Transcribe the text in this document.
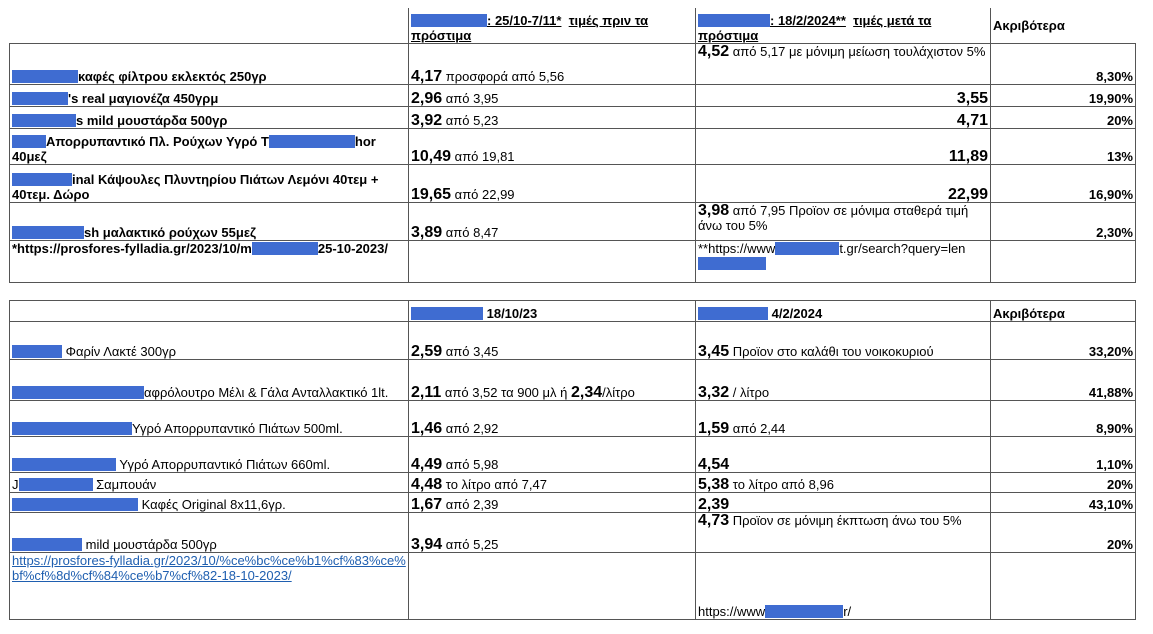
	: 25/10-7/11* τιμές πριν τα πρόστιμα	: 18/2/2024** τιμές μετά τα πρόστιμα	Ακριβότερα
καφές φίλτρου εκλεκτός 250γρ	4,17 προσφορά από 5,56	4,52 από 5,17 με μόνιμη μείωση τουλάχιστον 5%	8,30%
's real μαγιονέζα 450γρμ	2,96 από 3,95	3,55	19,90%
s mild μουστάρδα 500γρ	3,92 από 5,23	4,71	20%
Απορρυπαντικό Πλ. Ρούχων Υγρό T hor 40μεζ	10,49 από 19,81	11,89	13%
inal Κάψουλες Πλυντηρίου Πιάτων Λεμόνι 40τεμ + 40τεμ. Δώρο	19,65 από 22,99	22,99	16,90%
sh μαλακτικό ρούχων 55μεζ	3,89 από 8,47	3,98 από 7,95 Προϊον σε μόνιμα σταθερά τιμή άνω του 5%	2,30%
*https://prosfores-fylladia.gr/2023/10/m 25-10-2023/		**https://www t.gr/search?query=len

	18/10/23	4/2/2024	Ακριβότερα
Φαρίν Λακτέ 300γρ	2,59 από 3,45	3,45 Προϊον στο καλάθι του νοικοκυριού	33,20%
αφρόλουτρο Μέλι & Γάλα Ανταλλακτικό 1lt.	2,11 από 3,52 τα 900 μλ ή 2,34/λίτρο	3,32 / λίτρο	41,88%
Υγρό Απορρυπαντικό Πιάτων 500ml.	1,46 από 2,92	1,59 από 2,44	8,90%
Υγρό Απορρυπαντικό Πιάτων 660ml.	4,49 από 5,98	4,54	1,10%
J Σαμπουάν	4,48 το λίτρο από 7,47	5,38 το λίτρο από 8,96	20%
Καφές Original 8x11,6γρ.	1,67 από 2,39	2,39	43,10%
mild μουστάρδα 500γρ	3,94 από 5,25	4,73 Προϊον σε μόνιμη έκπτωση άνω του 5%	20%
https://prosfores-fylladia.gr/2023/10/%ce%bc%ce%b1%cf%83%ce%bf%cf%8d%cf%84%ce%b7%cf%82-18-10-2023/		https://www r/	
